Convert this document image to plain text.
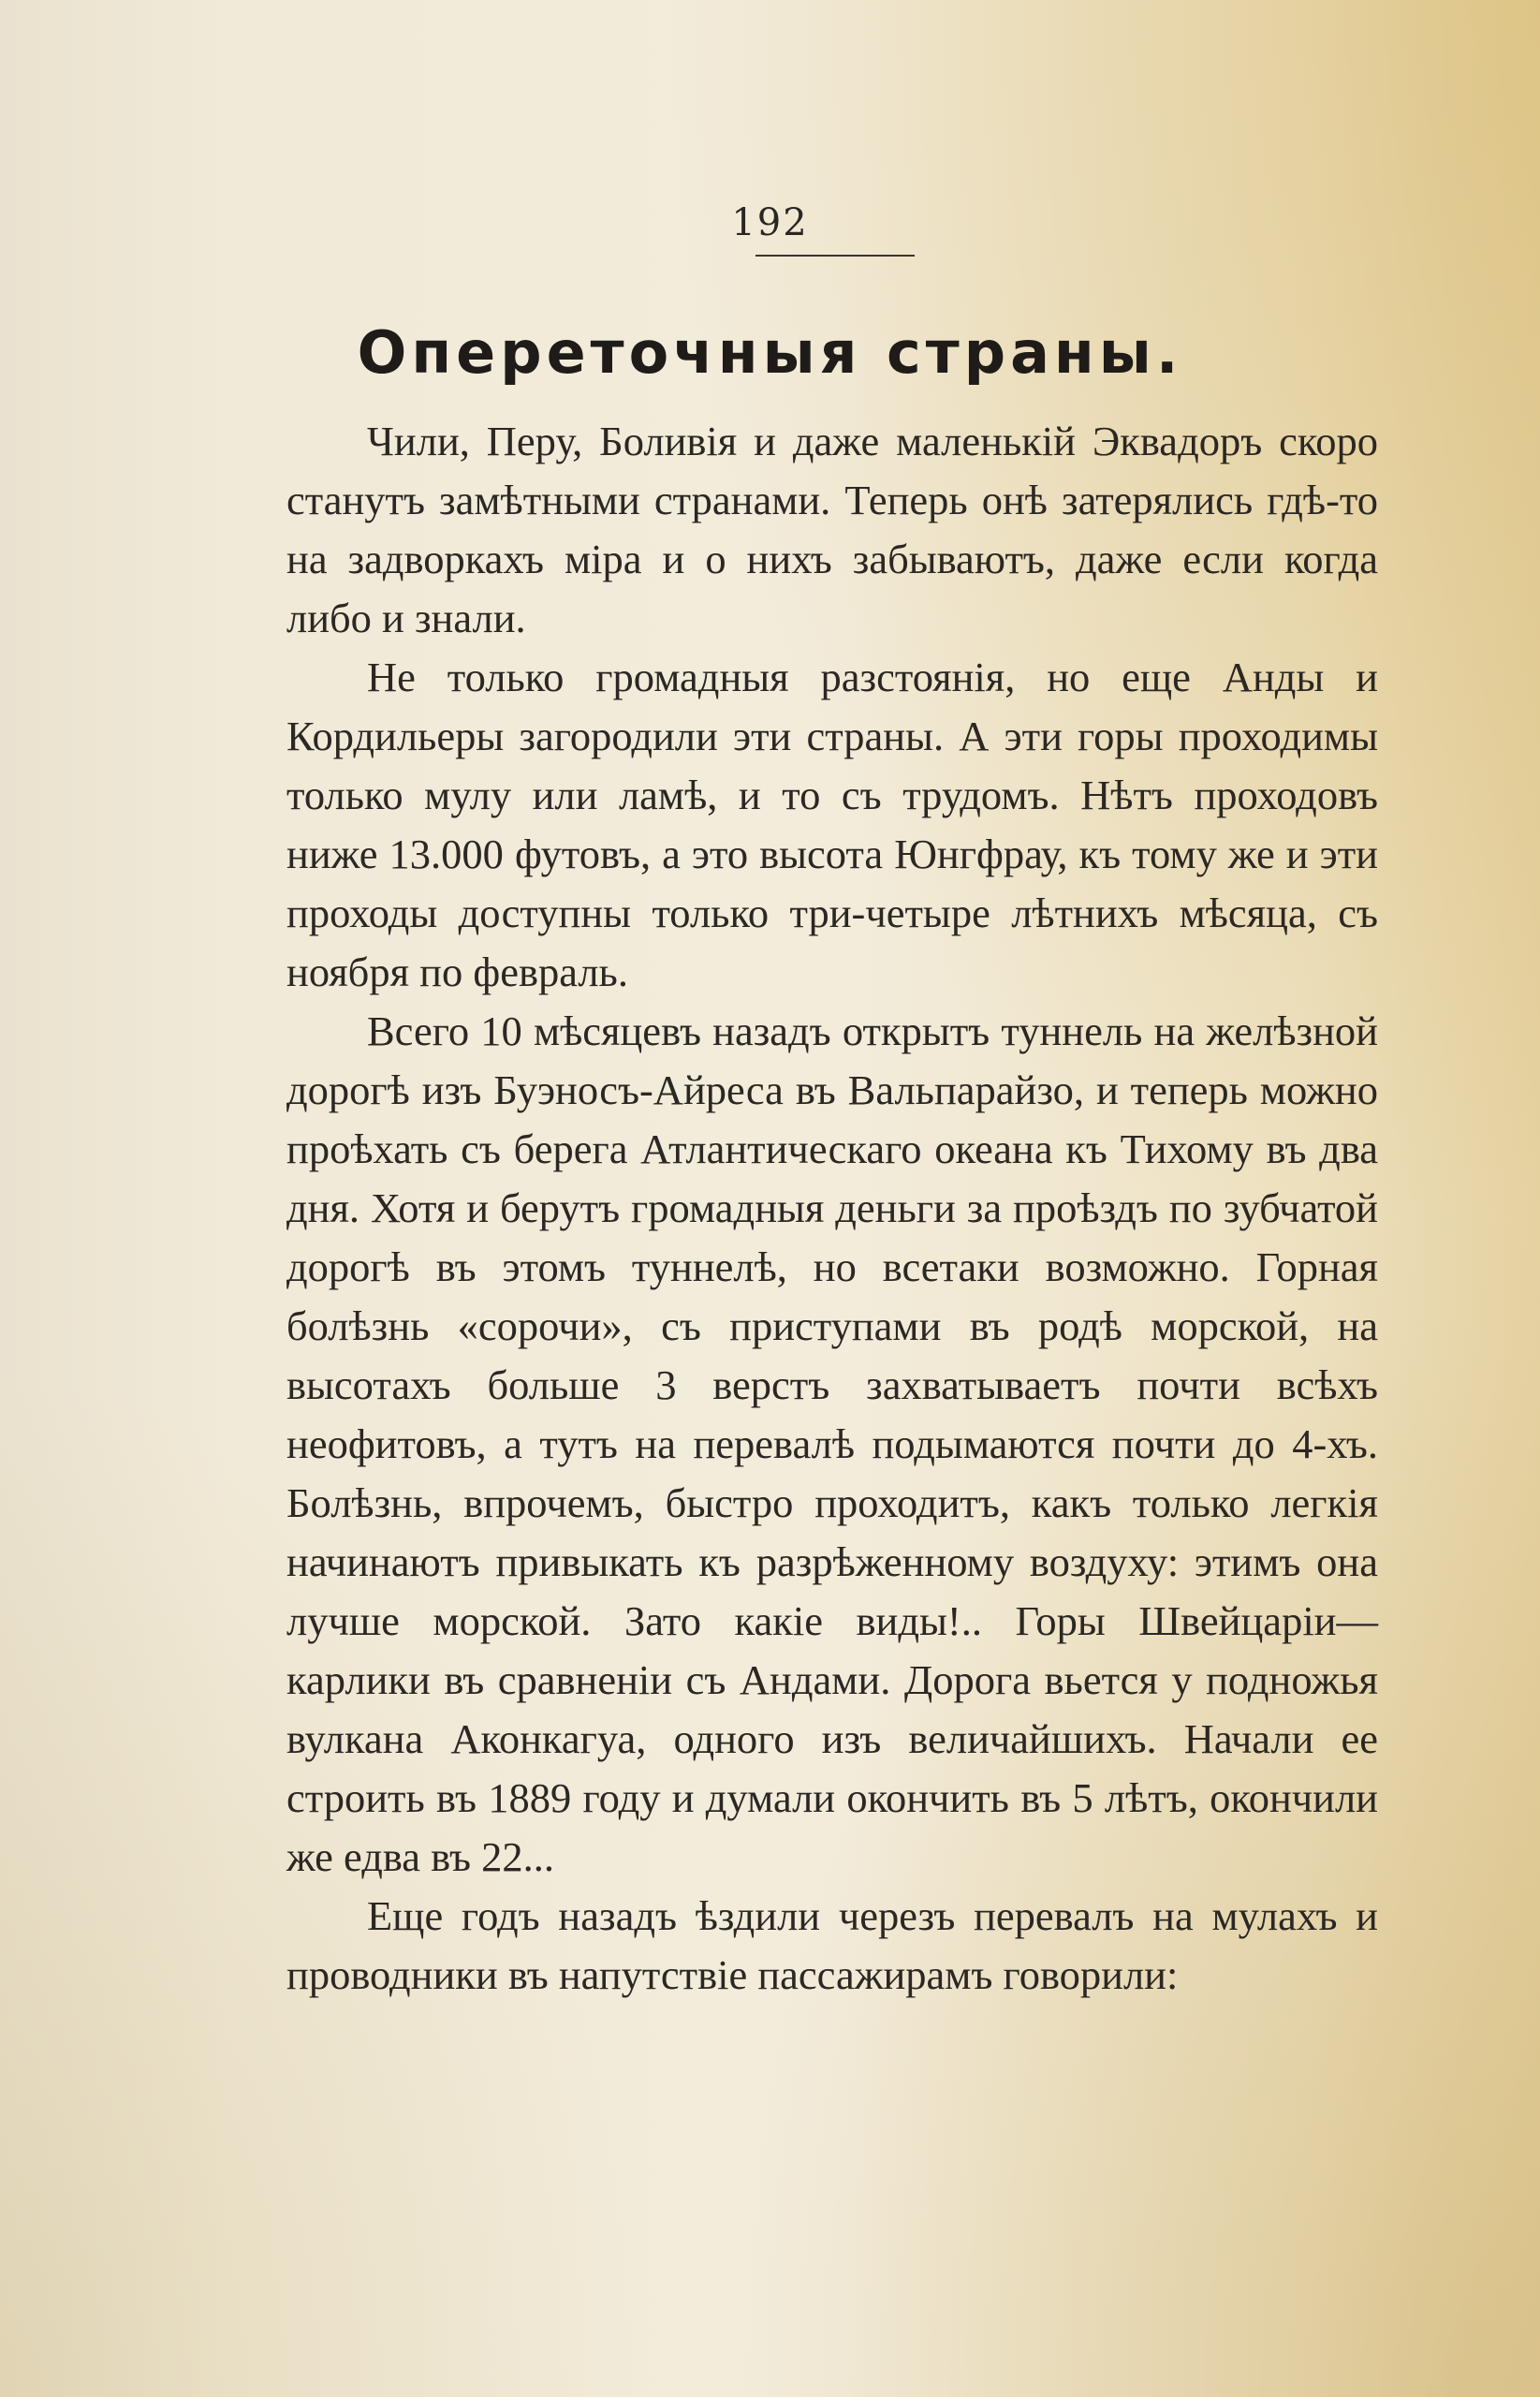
192
Опереточныя страны.

Чили, Перу, Боливія и даже маленькій Эквадоръ скоро станутъ замѣтными странами. Теперь онѣ затерялись гдѣ-то на задворкахъ міра и о нихъ забываютъ, даже если когда либо и знали.

Не только громадныя разстоянія, но еще Анды и Кордильеры загородили эти страны. А эти горы проходимы только мулу или ламѣ, и то съ трудомъ. Нѣтъ проходовъ ниже 13.000 футовъ, а это высота Юнгфрау, къ тому же и эти проходы доступны только три-четыре лѣтнихъ мѣсяца, съ ноября по февраль.

Всего 10 мѣсяцевъ назадъ открытъ туннель на желѣзной дорогѣ изъ Буэносъ-Айреса въ Вальпарайзо, и теперь можно проѣхать съ берега Атлантическаго океана къ Тихому въ два дня. Хотя и берутъ громадныя деньги за проѣздъ по зубчатой дорогѣ въ этомъ туннелѣ, но всетаки возможно. Горная болѣзнь «сорочи», съ приступами въ родѣ морской, на высотахъ больше 3 верстъ захватываетъ почти всѣхъ неофитовъ, а тутъ на перевалѣ подымаются почти до 4-хъ. Болѣзнь, впрочемъ, быстро проходитъ, какъ только легкія начинаютъ привыкать къ разрѣженному воздуху: этимъ она лучше морской. Зато какіе виды!.. Горы Швейцаріи—карлики въ сравненіи съ Андами. Дорога вьется у подножья вулкана Аконкагуа, одного изъ величайшихъ. Начали ее строить въ 1889 году и думали окончить въ 5 лѣтъ, окончили же едва въ 22...

Еще годъ назадъ ѣздили черезъ перевалъ на мулахъ и проводники въ напутствіе пассажирамъ говорили:
